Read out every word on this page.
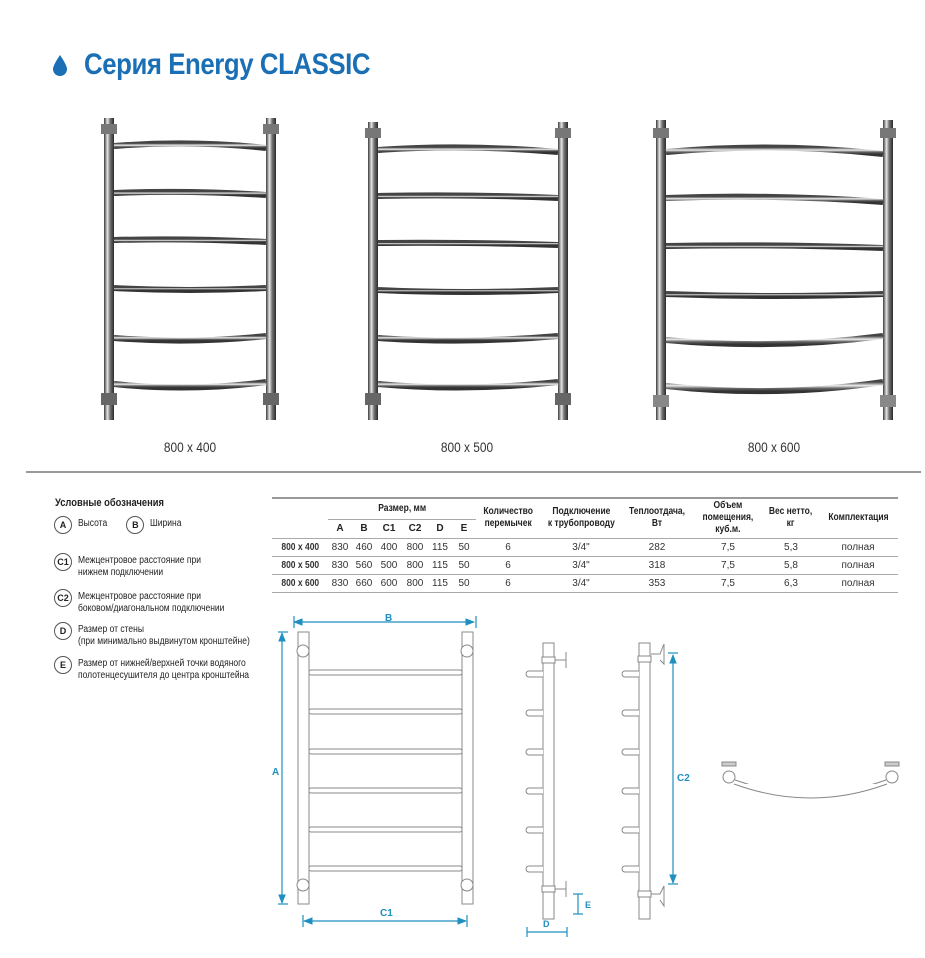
Серия Energy CLASSIC
800 x 400	800 x 500	800 x 600
Условные обозначения
A	Высота	B	Ширина
C1 Межцентровое расстояние при
нижнем подключении
C2 Межцентровое расстояние при
боковом/диагональном подключении
D	Размер от стены
(при минимально выдвинутом кронштейне)
E	Размер от нижней/верхней точки водяного
полотенцесушителя до центра кронштейна
	Размер, мм						Количество
перемычек	Подключение
к трубопроводу	Теплоотдача,
Вт	Объем
помещения,
куб.м.	Вес нетто,
кг	Комплектация
	A	B	C1	C2	D	E						
800 x 400	830	460	400	800	115	50	6	3/4"	282	7,5	5,3	полная
800 x 500	830	560	500	800	115	50	6	3/4"	318	7,5	5,8	полная
800 x 600	830	660	600	800	115	50	6	3/4"	353	7,5	6,3	полная
B
A
C1
D
E
C2
